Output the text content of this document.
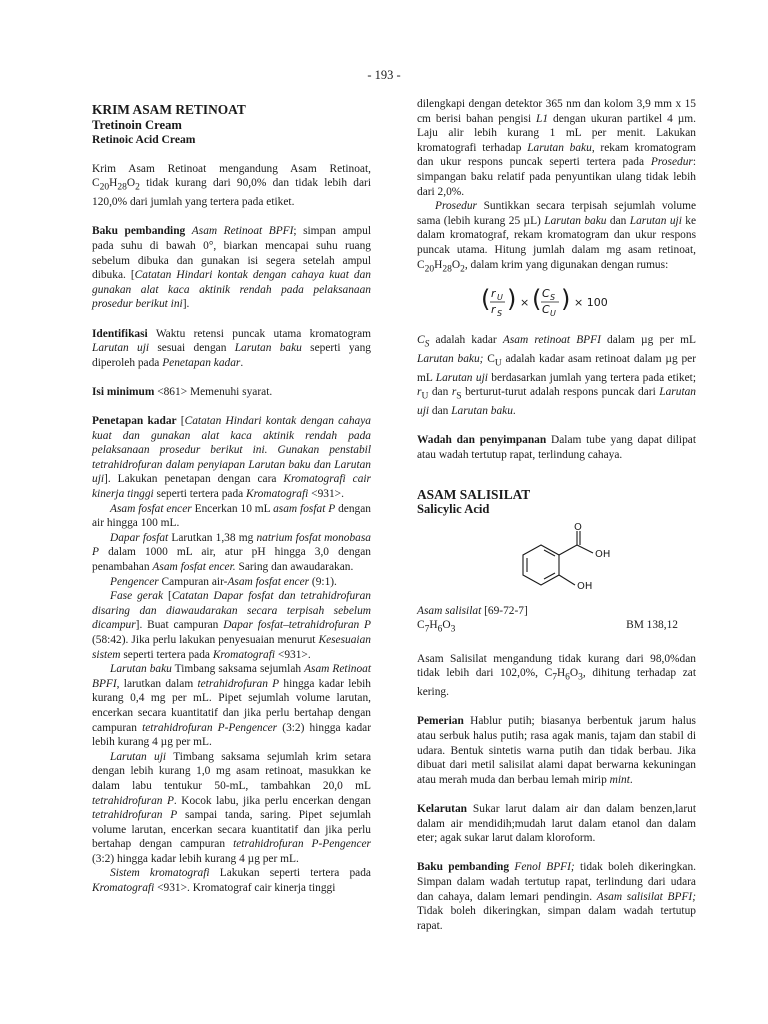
- 193 -
KRIM ASAM RETINOAT
Tretinoin Cream
Retinoic Acid Cream

Krim Asam Retinoat mengandung Asam Retinoat, $C_{20}H_{28}O_2$ tidak kurang dari 90,0% dan tidak lebih dari 120,0% dari jumlah yang tertera pada etiket.

Baku pembanding Asam Retinoat BPFI; simpan ampul pada suhu di bawah 0°, biarkan mencapai suhu ruang sebelum dibuka dan gunakan isi segera setelah ampul dibuka. [Catatan Hindari kontak dengan cahaya kuat dan gunakan alat kaca aktinik rendah pada pelaksanaan prosedur berikut ini].

Identifikasi Waktu retensi puncak utama kromatogram Larutan uji sesuai dengan Larutan baku seperti yang diperoleh pada Penetapan kadar.

Isi minimum <861> Memenuhi syarat.

Penetapan kadar [Catatan Hindari kontak dengan cahaya kuat dan gunakan alat kaca aktinik rendah pada pelaksanaan prosedur berikut ini. Gunakan penstabil tetrahidrofuran dalam penyiapan Larutan baku dan Larutan uji]. Lakukan penetapan dengan cara Kromatografi cair kinerja tinggi seperti tertera pada Kromatografi <931>.

Asam fosfat encer Encerkan 10 mL asam fosfat P dengan air hingga 100 mL.

Dapar fosfat Larutkan 1,38 mg natrium fosfat monobasa P dalam 1000 mL air, atur pH hingga 3,0 dengan penambahan Asam fosfat encer. Saring dan awaudarakan.

Pengencer Campuran air-Asam fosfat encer (9:1).

Fase gerak [Catatan Dapar fosfat dan tetrahidrofuran disaring dan diawaudarakan secara terpisah sebelum dicampur]. Buat campuran Dapar fosfat–tetrahidrofuran P (58:42). Jika perlu lakukan penyesuaian menurut Kesesuaian sistem seperti tertera pada Kromatografi <931>.

Larutan baku Timbang saksama sejumlah Asam Retinoat BPFI, larutkan dalam tetrahidrofuran P hingga kadar lebih kurang 0,4 mg per mL. Pipet sejumlah volume larutan, encerkan secara kuantitatif dan jika perlu bertahap dengan campuran tetrahidrofuran P-Pengencer (3:2) hingga kadar lebih kurang 4 µg per mL.

Larutan uji Timbang saksama sejumlah krim setara dengan lebih kurang 1,0 mg asam retinoat, masukkan ke dalam labu tentukur 50-mL, tambahkan 20,0 mL tetrahidrofuran P. Kocok labu, jika perlu encerkan dengan tetrahidrofuran P sampai tanda, saring. Pipet sejumlah volume larutan, encerkan secara kuantitatif dan jika perlu bertahap dengan campuran tetrahidrofuran P-Pengencer (3:2) hingga kadar lebih kurang 4 µg per mL.

Sistem kromatografi Lakukan seperti tertera pada Kromatografi <931>. Kromatograf cair kinerja tinggi

dilengkapi dengan detektor 365 nm dan kolom 3,9 mm x 15 cm berisi bahan pengisi L1 dengan ukuran partikel 4 µm. Laju alir lebih kurang 1 mL per menit. Lakukan kromatografi terhadap Larutan baku, rekam kromatogram dan ukur respons puncak seperti tertera pada Prosedur: simpangan baku relatif pada penyuntikan ulang tidak lebih dari 2,0%.

Prosedur Suntikkan secara terpisah sejumlah volume sama (lebih kurang 25 µL) Larutan baku dan Larutan uji ke dalam kromatograf, rekam kromatogram dan ukur respons puncak utama. Hitung jumlah dalam mg asam retinoat, $C_{20}H_{28}O_2$, dalam krim yang digunakan dengan rumus:

( r U
r S
) × ( C S
C U
) × 100

$C_S$ adalah kadar Asam retinoat BPFI dalam µg per mL Larutan baku; $C_U$ adalah kadar asam retinoat dalam µg per mL Larutan uji berdasarkan jumlah yang tertera pada etiket; $r_U$ dan $r_S$ berturut-turut adalah respons puncak dari Larutan uji dan Larutan baku.

Wadah dan penyimpanan Dalam tube yang dapat dilipat atau wadah tertutup rapat, terlindung cahaya.

ASAM SALISILAT
Salicylic Acid
O
OH
OH

Asam salisilat [69-72-7]

$C_7H_6O_3$	BM 138,12

Asam Salisilat mengandung tidak kurang dari 98,0%dan tidak lebih dari 102,0%, $C_7H_6O_3$, dihitung terhadap zat kering.

Pemerian Hablur putih; biasanya berbentuk jarum halus atau serbuk halus putih; rasa agak manis, tajam dan stabil di udara. Bentuk sintetis warna putih dan tidak berbau. Jika dibuat dari metil salisilat alami dapat berwarna kekuningan atau merah muda dan berbau lemah mirip mint.

Kelarutan Sukar larut dalam air dan dalam benzen,larut dalam air mendidih;mudah larut dalam etanol dan dalam eter; agak sukar larut dalam kloroform.

Baku pembanding Fenol BPFI; tidak boleh dikeringkan. Simpan dalam wadah tertutup rapat, terlindung dari udara dan cahaya, dalam lemari pendingin. Asam salisilat BPFI; Tidak boleh dikeringkan, simpan dalam wadah tertutup rapat.
